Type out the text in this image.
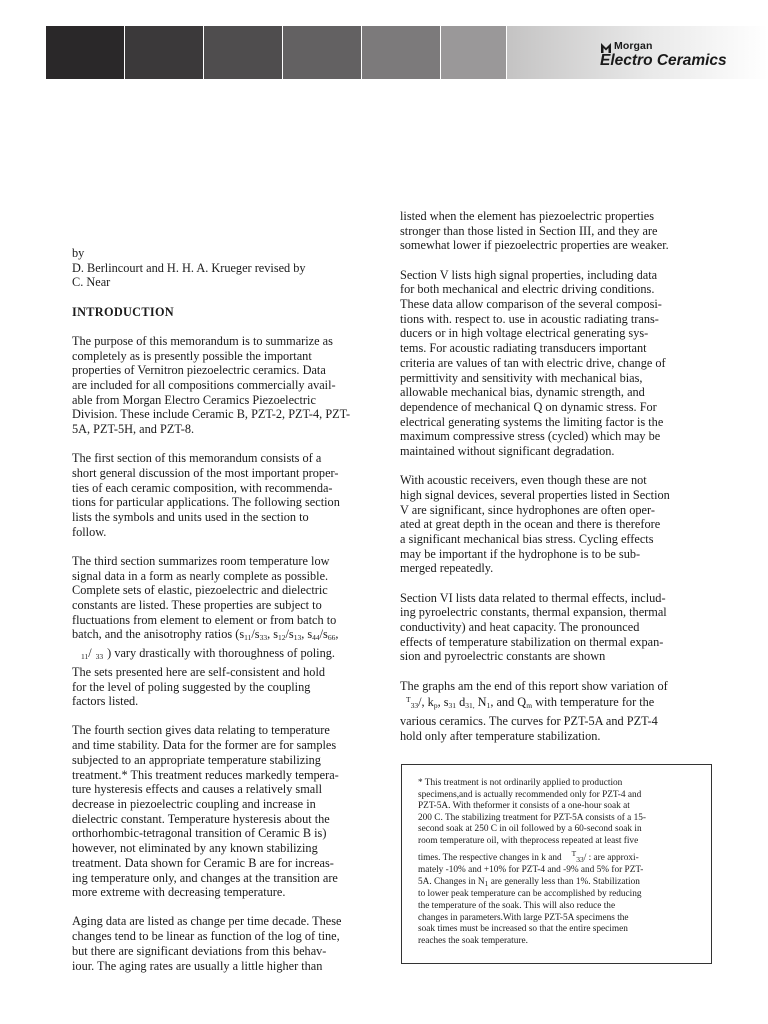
Morgan
Electro Ceramics

by

D. Berlincourt and H. H. A. Krueger revised by

C. Near

INTRODUCTION

The purpose of this memorandum is to summarize as

completely as is presently possible the important

properties of Vernitron piezoelectric ceramics. Data

are included for all compositions commercially avail-

able from Morgan Electro Ceramics Piezoelectric

Division. These include Ceramic B, PZT-2, PZT-4, PZT-

5A, PZT-5H, and PZT-8.

The first section of this memorandum consists of a

short general discussion of the most important proper-

ties of each ceramic composition, with recommenda-

tions for particular applications. The following section

lists the symbols and units used in the section to

follow.

The third section summarizes room temperature low

signal data in a form as nearly complete as possible.

Complete sets of elastic, piezoelectric and dielectric

constants are listed. These properties are subject to

fluctuations from element to element or from batch to

batch, and the anisotrophy ratios ($s_{11}/s_{33}$, $s_{12}/s_{13}$, $s_{44}/s_{66}$,

$_{11}$/ $_{33}$ ) vary drastically with thoroughness of poling.

The sets presented here are self-consistent and hold

for the level of poling suggested by the coupling

factors listed.

The fourth section gives data relating to temperature

and time stability. Data for the former are for samples

subjected to an appropriate temperature stabilizing

treatment.* This treatment reduces markedly tempera-

ture hysteresis effects and causes a relatively small

decrease in piezoelectric coupling and increase in

dielectric constant. Temperature hysteresis about the

orthorhombic-tetragonal transition of Ceramic B is)

however, not eliminated by any known stabilizing

treatment. Data shown for Ceramic B are for increas-

ing temperature only, and changes at the transition are

more extreme with decreasing temperature.

Aging data are listed as change per time decade. These

changes tend to be linear as function of the log of tine,

but there are significant deviations from this behav-

iour. The aging rates are usually a little higher than

listed when the element has piezoelectric properties

stronger than those listed in Section III, and they are

somewhat lower if piezoelectric properties are weaker.

Section V lists high signal properties, including data

for both mechanical and electric driving conditions.

These data allow comparison of the several composi-

tions with. respect to. use in acoustic radiating trans-

ducers or in high voltage electrical generating sys-

tems. For acoustic radiating transducers important

criteria are values of tan with electric drive, change of

permittivity and sensitivity with mechanical bias,

allowable mechanical bias, dynamic strength, and

dependence of mechanical Q on dynamic stress. For

electrical generating systems the limiting factor is the

maximum compressive stress (cycled) which may be

maintained without significant degradation.

With acoustic receivers, even though these are not

high signal devices, several properties listed in Section

V are significant, since hydrophones are often oper-

ated at great depth in the ocean and there is therefore

a significant mechanical bias stress. Cycling effects

may be important if the hydrophone is to be sub-

merged repeatedly.

Section VI lists data related to thermal effects, includ-

ing pyroelectric constants, thermal expansion, thermal

conductivity) and heat capacity. The pronounced

effects of temperature stabilization on thermal expan-

sion and pyroelectric constants are shown

The graphs am the end of this report show variation of

$^T_{33}$/, $k_p$, $s_{31}$ $d_{31,}$ $N_1$, and $Q_m$ with temperature for the

various ceramics. The curves for PZT-5A and PZT-4

hold only after temperature stabilization.

* This treatment is not ordinarily applied to production

specimens,and is actually recommended only for PZT-4 and

PZT-5A. With theformer it consists of a one-hour soak at

200 C. The stabilizing treatment for PZT-5A consists of a 15-

second soak at 250 C in oil followed by a 60-second soak in

room temperature oil, with theprocess repeated at least five

times. The respective changes in k and $^T_{33}$/ : are approxi-

mately -10% and +10% for PZT-4 and -9% and 5% for PZT-

5A. Changes in $N_1$ are generally less than 1%. Stabilization

to lower peak temperature can be accomplished by reducing

the temperature of the soak. This will also reduce the

changes in parameters.With large PZT-5A specimens the

soak times must be increased so that the entire specimen

reaches the soak temperature.
